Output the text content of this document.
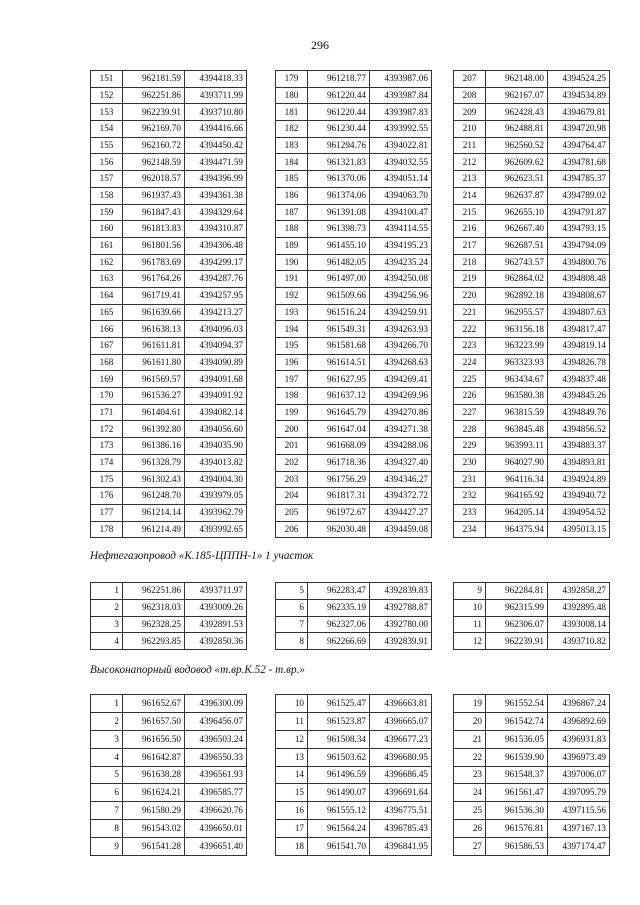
296
151	962181.59	4394418.33
152	962251.86	4393711.99
153	962239.91	4393710.80
154	962169.70	4394416.66
155	962160.72	4394450.42
156	962148.59	4394471.59
157	962018.57	4394396.99
158	961937.43	4394361.38
159	961847.43	4394329.64
160	961813.83	4394310.87
161	961801.56	4394306.48
162	961783.69	4394299.17
163	961764.26	4394287.76
164	961719.41	4394257.95
165	961639.66	4394213.27
166	961638.13	4394096.03
167	961611.81	4394094.37
168	961611.80	4394090.89
169	961569.57	4394091.68
170	961536.27	4394091.92
171	961404.61	4394082.14
172	961392.80	4394056.60
173	961386.16	4394035.90
174	961328.79	4394013.82
175	961302.43	4394004.30
176	961248.70	4393979.05
177	961214.14	4393962.79
178	961214.49	4393992.65
179	961218.77	4393987.06
180	961220.44	4393987.84
181	961220.44	4393987.83
182	961230.44	4393992.55
183	961294.76	4394022.81
184	961321.83	4394032.55
185	961370.06	4394051.14
186	961374.06	4394063.70
187	961391.08	4394100.47
188	961398.73	4394114.55
189	961455.10	4394195.23
190	961482.05	4394235.24
191	961497.00	4394250.08
192	961509.66	4394256.96
193	961516.24	4394259.91
194	961549.31	4394263.93
195	961581.68	4394266.70
196	961614.51	4394268.63
197	961627.95	4394269.41
198	961637.12	4394269.96
199	961645.79	4394270.86
200	961647.04	4394271.38
201	961668.09	4394288.06
202	961718.36	4394327.40
203	961756.29	4394346.27
204	961817.31	4394372.72
205	961972.67	4394427.27
206	962030.48	4394459.08
207	962148.00	4394524.25
208	962167.07	4394534.89
209	962428.43	4394679.81
210	962488.81	4394720.98
211	962560.52	4394764.47
212	962609.62	4394781.68
213	962623.51	4394785.37
214	962637.87	4394789.02
215	962655.10	4394791.87
216	962667.40	4394793.15
217	962687.51	4394794.09
218	962743.57	4394800.76
219	962864.02	4394808.48
220	962892.18	4394808.67
221	962955.57	4394807.63
222	963156.18	4394817.47
223	963223.99	4394819.14
224	963323.93	4394826.78
225	963434.67	4394837.48
226	963580.38	4394845.26
227	963815.59	4394849.76
228	963845.48	4394856.52
229	963993.11	4394883.37
230	964027.90	4394893.81
231	964116.34	4394924.89
232	964165.92	4394940.72
233	964205.14	4394954.52
234	964375.94	4395013.15
Нефтегазопровод «К.185-ЦППН-1» 1 участок
1	962251.86	4393711.97
2	962318.03	4393009.26
3	962328.25	4392891.53
4	962293.85	4392850.36
5	962283.47	4392839.83
6	962335.19	4392788.87
7	962327.06	4392780.00
8	962266.69	4392839.91
9	962284.81	4392858.27
10	962315.99	4392895.48
11	962306.07	4393008.14
12	962239.91	4393710.82
Высоконапорный водовод «т.вр.К.52 - т.вр.»
1	961652.67	4396300.09
2	961657.50	4396456.07
3	961656.50	4396503.24
4	961642.87	4396550.33
5	961638.28	4396561.93
6	961624.21	4396585.77
7	961580.29	4396620.76
8	961543.02	4396650.01
9	961541.28	4396651.40
10	961525.47	4396663.81
11	961523.87	4396665.07
12	961508.34	4396677.23
13	961503.62	4396680.95
14	961496.59	4396686.45
15	961490.07	4396691.64
16	961555.12	4396775.51
17	961564.24	4396785.43
18	961541.70	4396841.95
19	961552.54	4396867.24
20	961542.74	4396892.69
21	961536.05	4396931.83
22	961539.90	4396973.49
23	961548.37	4397006.07
24	961561.47	4397095.79
25	961536.30	4397115.56
26	961576.81	4397167.13
27	961586.53	4397174.47
